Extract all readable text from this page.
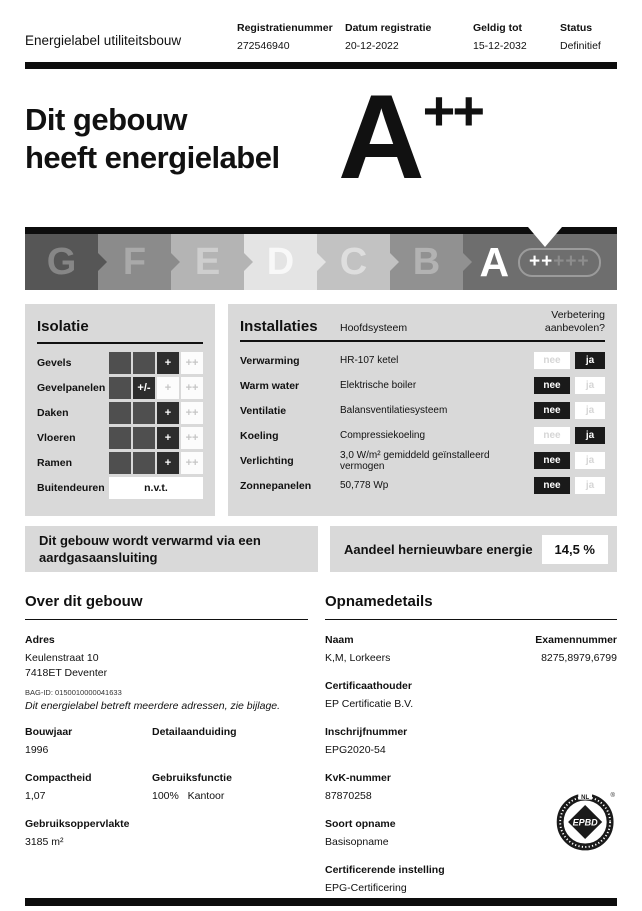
Energielabel utiliteitsbouw
Registratienummer
272546940
Datum registratie
20-12-2022
Geldig tot
15-12-2032
Status
Definitief
Dit gebouw
heeft energielabel A ++
G F E D C B A	+++++
Isolatie
Gevels	+	++
Gevelpanelen	+/-	+	++
Daken	+	++
Vloeren	+	++
Ramen	+	++
Buitendeuren	n.v.t.
Installaties	Hoofdsysteem
Verbetering
aanbevolen?
Verwarming	HR-107 ketel	nee	ja
Warm water	Elektrische boiler	nee	ja
Ventilatie	Balansventilatiesysteem	nee	ja
Koeling	Compressiekoeling	nee	ja
Verlichting	3,0 W/m² gemiddeld geïnstalleerd vermogen	nee	ja
Zonnepanelen	50,778 Wp	nee	ja
Dit gebouw wordt verwarmd via een aardgasaansluiting
Aandeel hernieuwbare energie	14,5 %
Over dit gebouw
Adres
Keulenstraat 10
7418ET Deventer
BAG-ID: 0150010000041633
Dit energielabel betreft meerdere adressen, zie bijlage.
Bouwjaar
1996
Detailaanduiding
Compactheid
1,07
Gebruiksfunctie
100%   Kantoor
Gebruiksoppervlakte
3185 m²
Opnamedetails
Naam
K,M, Lorkeers
Examennummer
8275,8979,6799
Certificaathouder
EP Certificatie B.V.
Inschrijfnummer
EPG2020-54
KvK-nummer
87870258
Soort opname
Basisopname
Certificerende instelling
EPG-Certificering
NL
EPBD
®
